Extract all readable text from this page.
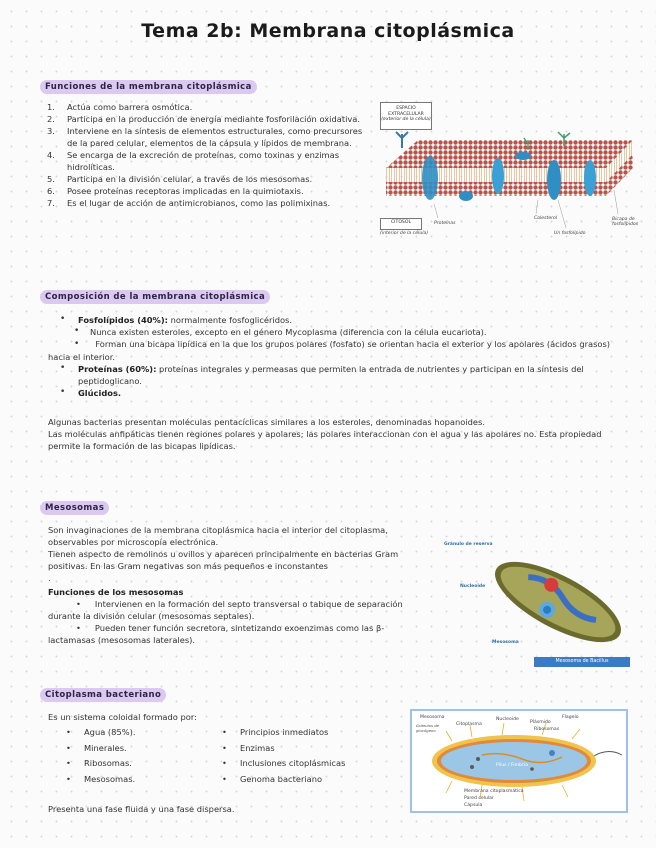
Tema 2b: Membrana citoplásmica
Funciones de la membrana citoplásmica
1. Actúa como barrera osmótica.
2. Participa en la producción de energía mediante fosforilación oxidativa.
3. Interviene en la síntesis de elementos estructurales, como precursores de la pared celular, elementos de la cápsula y lípidos de membrana.
4. Se encarga de la excreción de proteínas, como toxinas y enzimas hidrolíticas.
5. Participa en la división celular, a través de los mesosomas.
6. Posee proteínas receptoras implicadas en la quimiotaxis.
7. Es el lugar de acción de antimicrobianos, como las polimixinas.
ESPACIO EXTRACELULAR
(exterior de la célula)
CITOSOL
(interior de la célula)
Proteínas
Colesterol
Un fosfolípido
Bicapa de fosfolípidos
Composición de la membrana citoplásmica
• Fosfolípidos (40%): normalmente fosfoglicéridos.
• Nunca existen esteroles, excepto en el género Mycoplasma (diferencia con la célula eucariota).
• Forman una bicapa lipídica en la que los grupos polares (fosfato) se orientan hacia el exterior y los apolares (ácidos grasos) hacia el interior.
• Proteínas (60%): proteínas integrales y permeasas que permiten la entrada de nutrientes y participan en la síntesis del peptidoglicano.
• Glúcidos.
Algunas bacterias presentan moléculas pentacíclicas similares a los esteroles, denominadas hopanoides.
Las moléculas anfipáticas tienen regiones polares y apolares; las polares interaccionan con el agua y las apolares no. Esta propiedad permite la formación de las bicapas lipídicas.
Mesosomas
Son invaginaciones de la membrana citoplásmica hacia el interior del citoplasma, observables por microscopía electrónica.
Tienen aspecto de remolinos u ovillos y aparecen principalmente en bacterias Gram positivas. En las Gram negativas son más pequeños e inconstantes
.
Funciones de los mesosomas
• Intervienen en la formación del septo transversal o tabique de separación durante la división celular (mesosomas septales).
• Pueden tener función secretora, sintetizando exoenzimas como las β-lactamasas (mesosomas laterales).
Gránulo de reserva
Nucleoide
Mesosoma
Mesosoma de Bacillus
Citoplasma bacteriano
Es un sistema coloidal formado por:
• Agua (85%).
• Minerales.
• Ribosomas.
• Mesosomas.
• Principios inmediatos
• Enzimas
• Inclusiones citoplásmicas
• Genoma bacteriano
Presenta una fase fluida y una fase dispersa.
Mesosoma
Gránulos de glucógeno
Citoplasma
Nucleoide
Plásmido
Flagelo
Ribosomas
Pilus / Fimbria
Membrana citoplasmática
Pared celular
Cápsula
